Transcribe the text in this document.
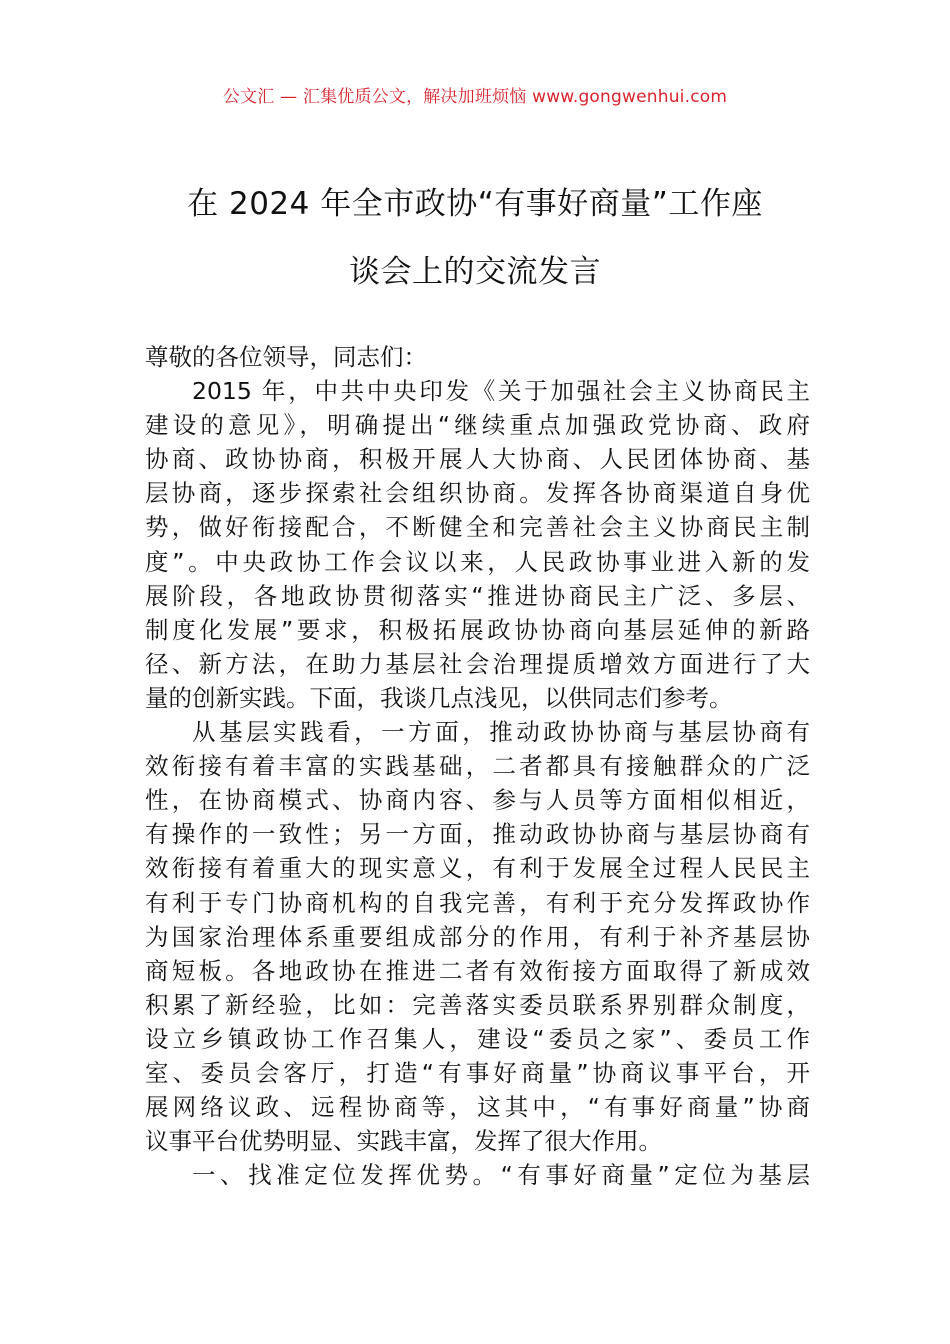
公文汇 — 汇集优质公文，解决加班烦恼 www.gongwenhui.com
在 2024 年全市政协“有事好商量”工作座
谈会上的交流发言
尊敬的各位领导，同志们：
2015 年，中共中央印发《关于加强社会主义协商民主
建设的意见》，明确提出“继续重点加强政党协商、政府
协商、政协协商，积极开展人大协商、人民团体协商、基
层协商，逐步探索社会组织协商。发挥各协商渠道自身优
势，做好衔接配合，不断健全和完善社会主义协商民主制
度”。中央政协工作会议以来，人民政协事业进入新的发
展阶段，各地政协贯彻落实“推进协商民主广泛、多层、
制度化发展”要求，积极拓展政协协商向基层延伸的新路
径、新方法，在助力基层社会治理提质增效方面进行了大
量的创新实践。下面，我谈几点浅见，以供同志们参考。
从基层实践看，一方面，推动政协协商与基层协商有
效衔接有着丰富的实践基础，二者都具有接触群众的广泛
性，在协商模式、协商内容、参与人员等方面相似相近，
有操作的一致性；另一方面，推动政协协商与基层协商有
效衔接有着重大的现实意义，有利于发展全过程人民民主
有利于专门协商机构的自我完善，有利于充分发挥政协作
为国家治理体系重要组成部分的作用，有利于补齐基层协
商短板。各地政协在推进二者有效衔接方面取得了新成效
积累了新经验，比如：完善落实委员联系界别群众制度，
设立乡镇政协工作召集人，建设“委员之家”、委员工作
室、委员会客厅，打造“有事好商量”协商议事平台，开
展网络议政、远程协商等，这其中，“有事好商量”协商
议事平台优势明显、实践丰富，发挥了很大作用。
一、找准定位发挥优势。“有事好商量”定位为基层
